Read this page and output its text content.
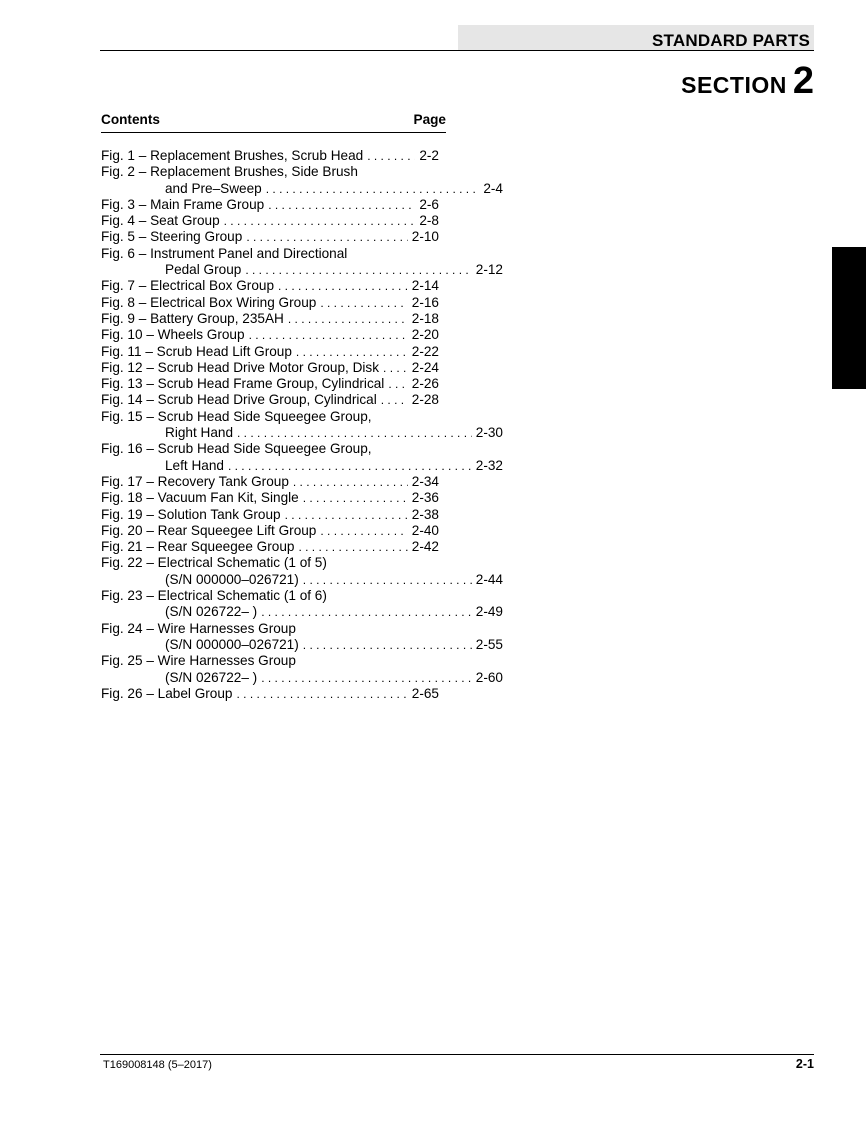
STANDARD PARTS
SECTION 2
Contents	Page
Fig. 1 – Replacement Brushes, Scrub Head . . .	2-2
Fig. 2 – Replacement Brushes, Side Brush
and Pre–Sweep . . .	2-4
Fig. 3 – Main Frame Group . . .	2-6
Fig. 4 – Seat Group . . .	2-8
Fig. 5 – Steering Group . . .	2-10
Fig. 6 – Instrument Panel and Directional
Pedal Group . . .	2-12
Fig. 7 – Electrical Box Group . . .	2-14
Fig. 8 – Electrical Box Wiring Group . . .	2-16
Fig. 9 – Battery Group, 235AH . . .	2-18
Fig. 10 – Wheels Group . . .	2-20
Fig. 11 – Scrub Head Lift Group . . .	2-22
Fig. 12 – Scrub Head Drive Motor Group, Disk . . . 2-24
Fig. 13 – Scrub Head Frame Group, Cylindrical . . . 2-26
Fig. 14 – Scrub Head Drive Group, Cylindrical . . .	2-28
Fig. 15 – Scrub Head Side Squeegee Group,
Right Hand . . .	2-30
Fig. 16 – Scrub Head Side Squeegee Group,
Left Hand . . .	2-32
Fig. 17 – Recovery Tank Group . . .	2-34
Fig. 18 – Vacuum Fan Kit, Single . . .	2-36
Fig. 19 – Solution Tank Group . . .	2-38
Fig. 20 – Rear Squeegee Lift Group . . .	2-40
Fig. 21 – Rear Squeegee Group . . .	2-42
Fig. 22 – Electrical Schematic (1 of 5)
(S/N 000000–026721) . . .	2-44
Fig. 23 – Electrical Schematic (1 of 6)
(S/N 026722– ) . . .	2-49
Fig. 24 – Wire Harnesses Group
(S/N 000000–026721) . . .	2-55
Fig. 25 – Wire Harnesses Group
(S/N 026722– ) . . .	2-60
Fig. 26 – Label Group . . .	2-65
T169008148 (5–2017)	2-1
